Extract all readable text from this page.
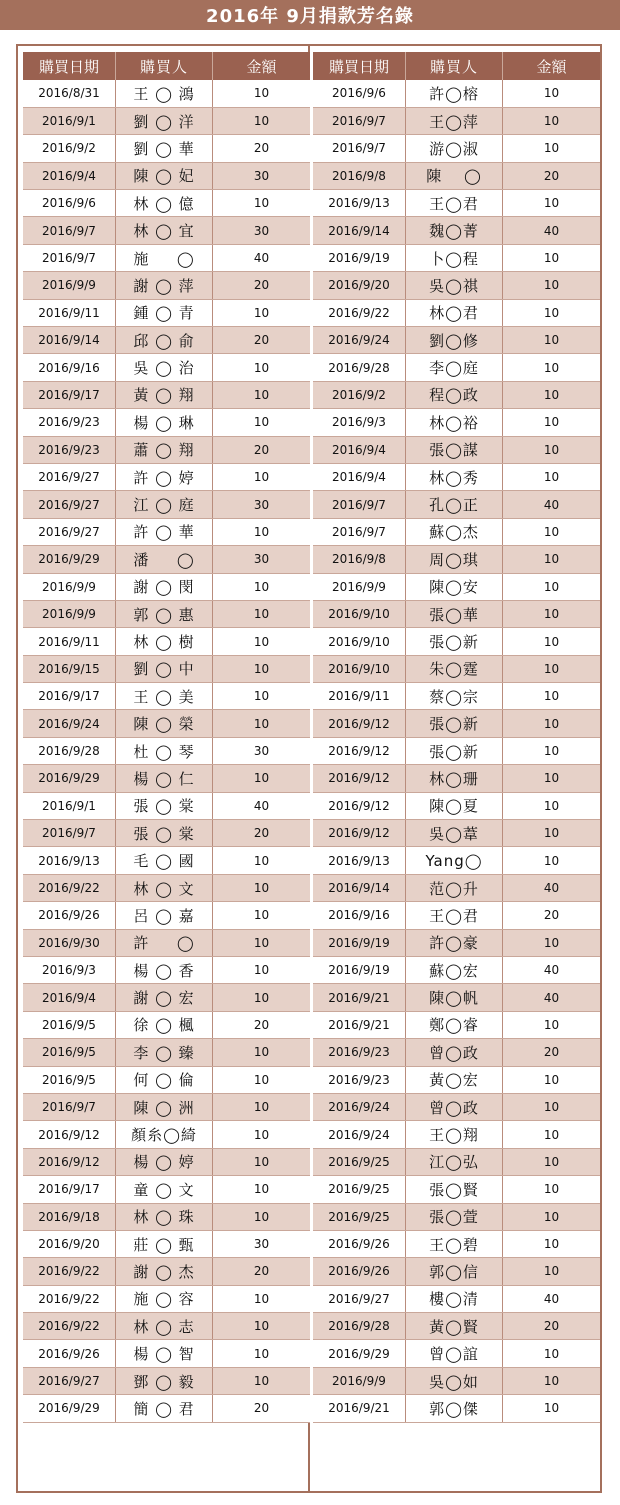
2016年 9月捐款芳名錄
購買日期	購買人	金額
2016/8/31	王 ◯ 鴻	10
2016/9/1	劉 ◯ 洋	10
2016/9/2	劉 ◯ 華	20
2016/9/4	陳 ◯ 妃	30
2016/9/6	林 ◯ 億	10
2016/9/7	林 ◯ 宜	30
2016/9/7	施 　 ◯	40
2016/9/9	謝 ◯ 萍	20
2016/9/11	鍾 ◯ 青	10
2016/9/14	邱 ◯ 俞	20
2016/9/16	吳 ◯ 治	10
2016/9/17	黃 ◯ 翔	10
2016/9/23	楊 ◯ 琳	10
2016/9/23	蕭 ◯ 翔	20
2016/9/27	許 ◯ 婷	10
2016/9/27	江 ◯ 庭	30
2016/9/27	許 ◯ 華	10
2016/9/29	潘 　 ◯	30
2016/9/9	謝 ◯ 閔	10
2016/9/9	郭 ◯ 惠	10
2016/9/11	林 ◯ 樹	10
2016/9/15	劉 ◯ 中	10
2016/9/17	王 ◯ 美	10
2016/9/24	陳 ◯ 榮	10
2016/9/28	杜 ◯ 琴	30
2016/9/29	楊 ◯ 仁	10
2016/9/1	張 ◯ 棠	40
2016/9/7	張 ◯ 棠	20
2016/9/13	毛 ◯ 國	10
2016/9/22	林 ◯ 文	10
2016/9/26	呂 ◯ 嘉	10
2016/9/30	許 　 ◯	10
2016/9/3	楊 ◯ 香	10
2016/9/4	謝 ◯ 宏	10
2016/9/5	徐 ◯ 楓	20
2016/9/5	李 ◯ 臻	10
2016/9/5	何 ◯ 倫	10
2016/9/7	陳 ◯ 洲	10
2016/9/12	顏糸◯綺	10
2016/9/12	楊 ◯ 婷	10
2016/9/17	童 ◯ 文	10
2016/9/18	林 ◯ 珠	10
2016/9/20	莊 ◯ 甄	30
2016/9/22	謝 ◯ 杰	20
2016/9/22	施 ◯ 容	10
2016/9/22	林 ◯ 志	10
2016/9/26	楊 ◯ 智	10
2016/9/27	鄧 ◯ 毅	10
2016/9/29	簡 ◯ 君	20
購買日期	購買人	金額
2016/9/6	許◯榕	10
2016/9/7	王◯萍	10
2016/9/7	游◯淑	10
2016/9/8	陳 　◯	20
2016/9/13	王◯君	10
2016/9/14	魏◯菁	40
2016/9/19	卜◯程	10
2016/9/20	吳◯祺	10
2016/9/22	林◯君	10
2016/9/24	劉◯修	10
2016/9/28	李◯庭	10
2016/9/2	程◯政	10
2016/9/3	林◯裕	10
2016/9/4	張◯謀	10
2016/9/4	林◯秀	10
2016/9/7	孔◯正	40
2016/9/7	蘇◯杰	10
2016/9/8	周◯琪	10
2016/9/9	陳◯安	10
2016/9/10	張◯華	10
2016/9/10	張◯新	10
2016/9/10	朱◯霆	10
2016/9/11	蔡◯宗	10
2016/9/12	張◯新	10
2016/9/12	張◯新	10
2016/9/12	林◯珊	10
2016/9/12	陳◯夏	10
2016/9/12	吳◯葦	10
2016/9/13	Yang◯	10
2016/9/14	范◯升	40
2016/9/16	王◯君	20
2016/9/19	許◯豪	10
2016/9/19	蘇◯宏	40
2016/9/21	陳◯帆	40
2016/9/21	鄭◯睿	10
2016/9/23	曾◯政	20
2016/9/23	黃◯宏	10
2016/9/24	曾◯政	10
2016/9/24	王◯翔	10
2016/9/25	江◯弘	10
2016/9/25	張◯賢	10
2016/9/25	張◯萱	10
2016/9/26	王◯碧	10
2016/9/26	郭◯信	10
2016/9/27	樓◯清	40
2016/9/28	黃◯賢	20
2016/9/29	曾◯誼	10
2016/9/9	吳◯如	10
2016/9/21	郭◯傑	10
